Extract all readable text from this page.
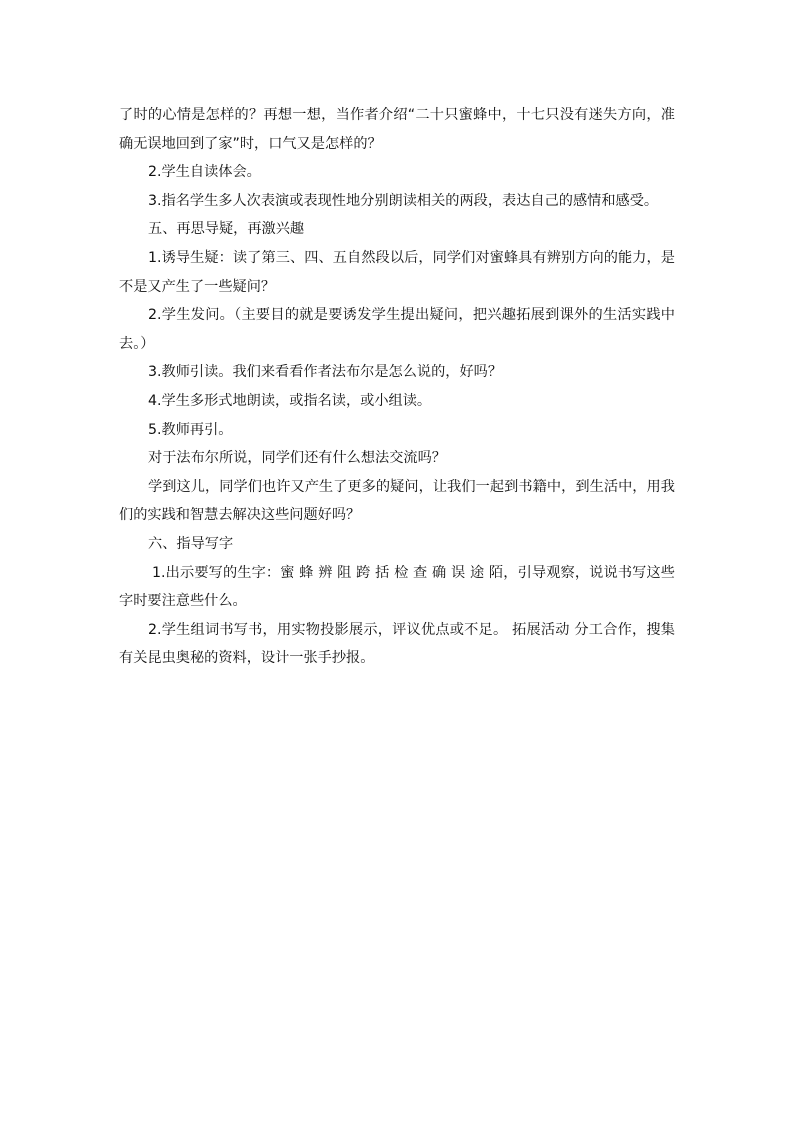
了时的心情是怎样的？再想一想，当作者介绍“二十只蜜蜂中，十七只没有迷失方向，准确无误地回到了家”时，口气又是怎样的？

2.学生自读体会。

3.指名学生多人次表演或表现性地分别朗读相关的两段，表达自己的感情和感受。

五、再思导疑，再激兴趣

1.诱导生疑：读了第三、四、五自然段以后，同学们对蜜蜂具有辨别方向的能力，是不是又产生了一些疑问？

2.学生发问。（主要目的就是要诱发学生提出疑问，把兴趣拓展到课外的生活实践中去。）

3.教师引读。我们来看看作者法布尔是怎么说的，好吗？

4.学生多形式地朗读，或指名读，或小组读。

5.教师再引。

对于法布尔所说，同学们还有什么想法交流吗？

学到这儿，同学们也许又产生了更多的疑问，让我们一起到书籍中，到生活中，用我们的实践和智慧去解决这些问题好吗？

六、指导写字

1.出示要写的生字：蜜 蜂 辨 阻 跨 括 检 查 确 误 途 陌，引导观察，说说书写这些字时要注意些什么。

2.学生组词书写书，用实物投影展示，评议优点或不足。 拓展活动 分工合作，搜集有关昆虫奥秘的资料，设计一张手抄报。
